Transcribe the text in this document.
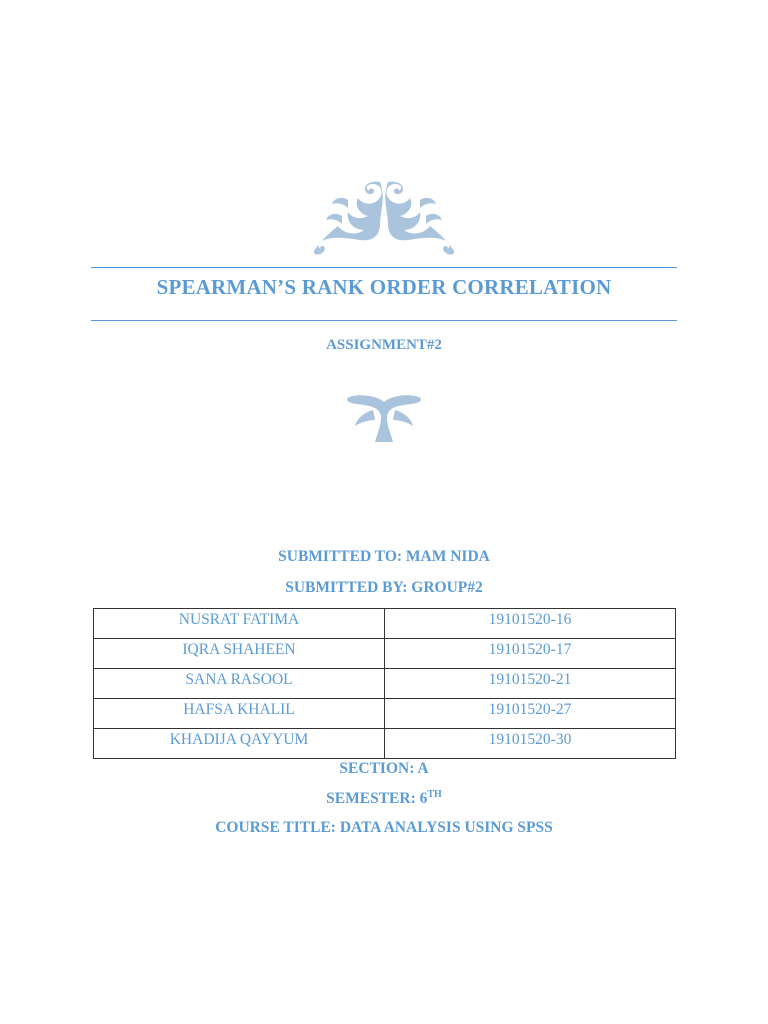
SPEARMAN’S RANK ORDER CORRELATION
ASSIGNMENT#2
SUBMITTED TO: MAM NIDA
SUBMITTED BY: GROUP#2
NUSRAT FATIMA	19101520-16
IQRA SHAHEEN	19101520-17
SANA RASOOL	19101520-21
HAFSA KHALIL	19101520-27
KHADIJA QAYYUM	19101520-30
SECTION: A
SEMESTER: 6TH
COURSE TITLE: DATA ANALYSIS USING SPSS
